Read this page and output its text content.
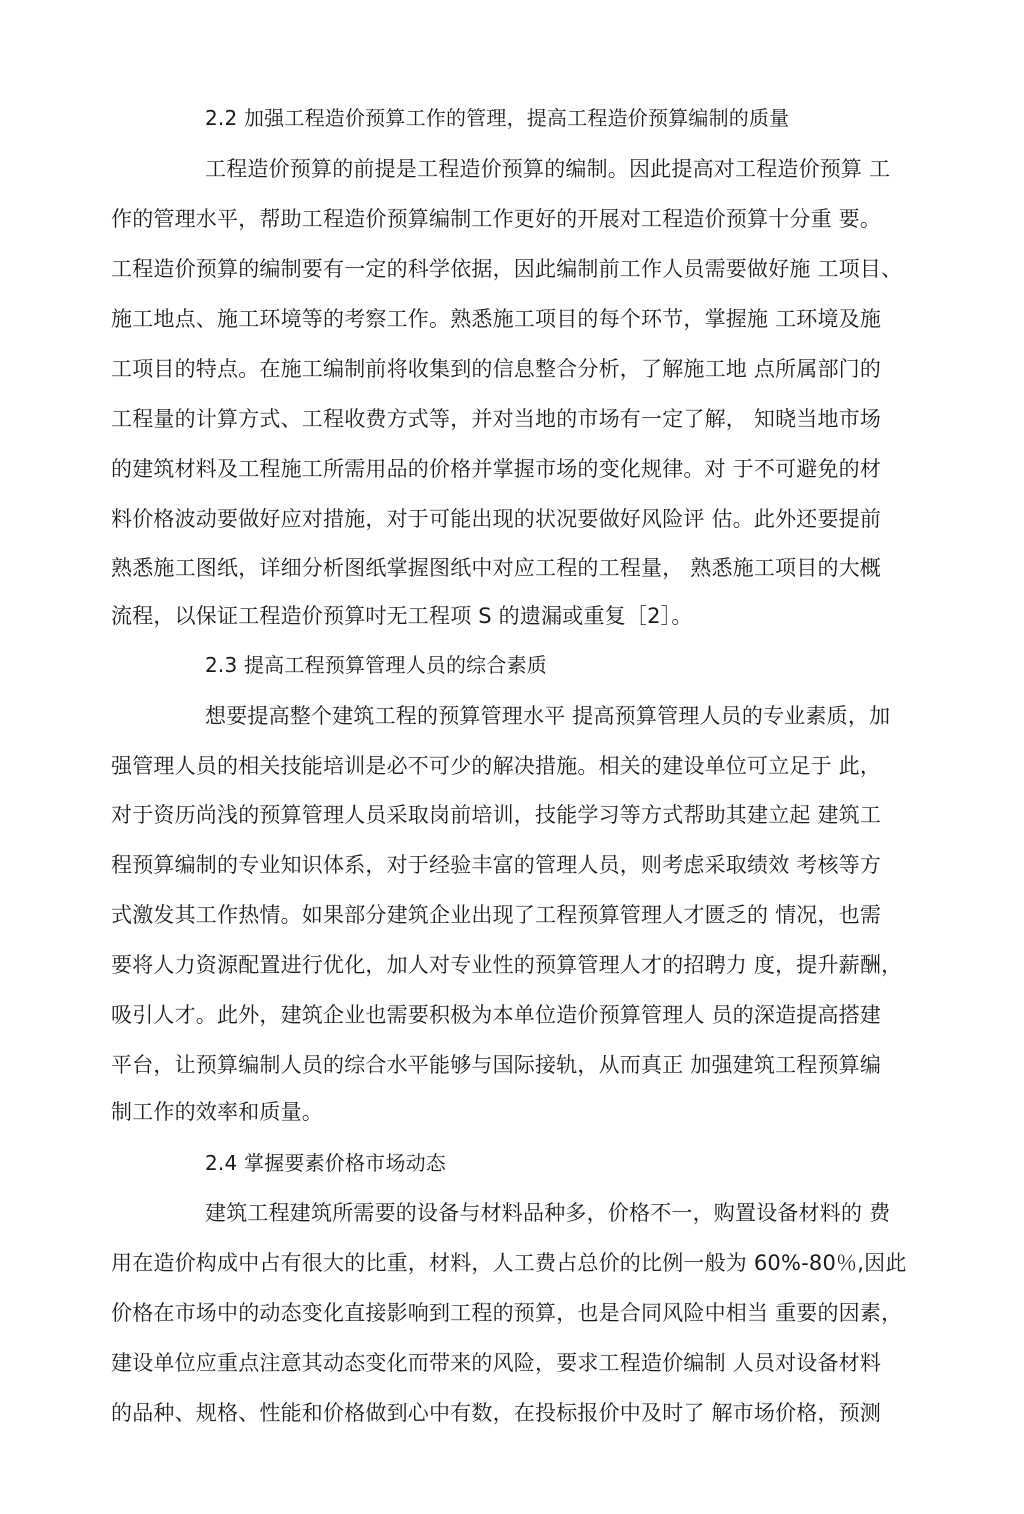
2.2 加强工程造价预算工作的管理，提高工程造价预算编制的质量
工程造价预算的前提是工程造价预算的编制。因此提高对工程造价预算 工
作的管理水平，帮助工程造价预算编制工作更好的开展对工程造价预算十分重 要。
工程造价预算的编制要有一定的科学依据，因此编制前工作人员需要做好施 工项目、
施工地点、施工环境等的考察工作。熟悉施工项目的每个环节，掌握施 工环境及施
工项目的特点。在施工编制前将收集到的信息整合分析，了解施工地 点所属部门的
工程量的计算方式、工程收费方式等，并对当地的市场有一定了解， 知晓当地市场
的建筑材料及工程施工所需用品的价格并掌握市场的变化规律。对 于不可避免的材
料价格波动要做好应对措施，对于可能出现的状况要做好风险评 估。此外还要提前
熟悉施工图纸，详细分析图纸掌握图纸中对应工程的工程量， 熟悉施工项目的大概
流程，以保证工程造价预算吋无工程项 S 的遗漏或重复［2］。
2.3 提高工程预算管理人员的综合素质
想要提高整个建筑工程的预算管理水平 提高预算管理人员的专业素质，加
强管理人员的相关技能培训是必不可少的解决措施。相关的建设单位可立足于 此，
对于资历尚浅的预算管理人员采取岗前培训，技能学习等方式帮助其建立起 建筑工
程预算编制的专业知识体系，对于经验丰富的管理人员，则考虑采取绩效 考核等方
式激发其工作热情。如果部分建筑企业出现了工程预算管理人才匮乏的 情况，也需
要将人力资源配置进行优化，加人对专业性的预算管理人才的招聘力 度，提升薪酬，
吸引人才。此外，建筑企业也需要积极为本单位造价预算管理人 员的深造提高搭建
平台，让预算编制人员的综合水平能够与国际接轨，从而真正 加强建筑工程预算编
制工作的效率和质量。
2.4 掌握要素价格市场动态
建筑工程建筑所需要的设备与材料品种多，价格不一，购置设备材料的 费
用在造价构成中占有很大的比重，材料，人工费占总价的比例一般为 60%-80％,因此
价格在市场中的动态变化直接影响到工程的预算，也是合同风险中相当 重要的因素，
建设单位应重点注意其动态变化而带来的风险，要求工程造价编制 人员对设备材料
的品种、规格、性能和价格做到心中有数，在投标报价中及时了 解市场价格，预测
